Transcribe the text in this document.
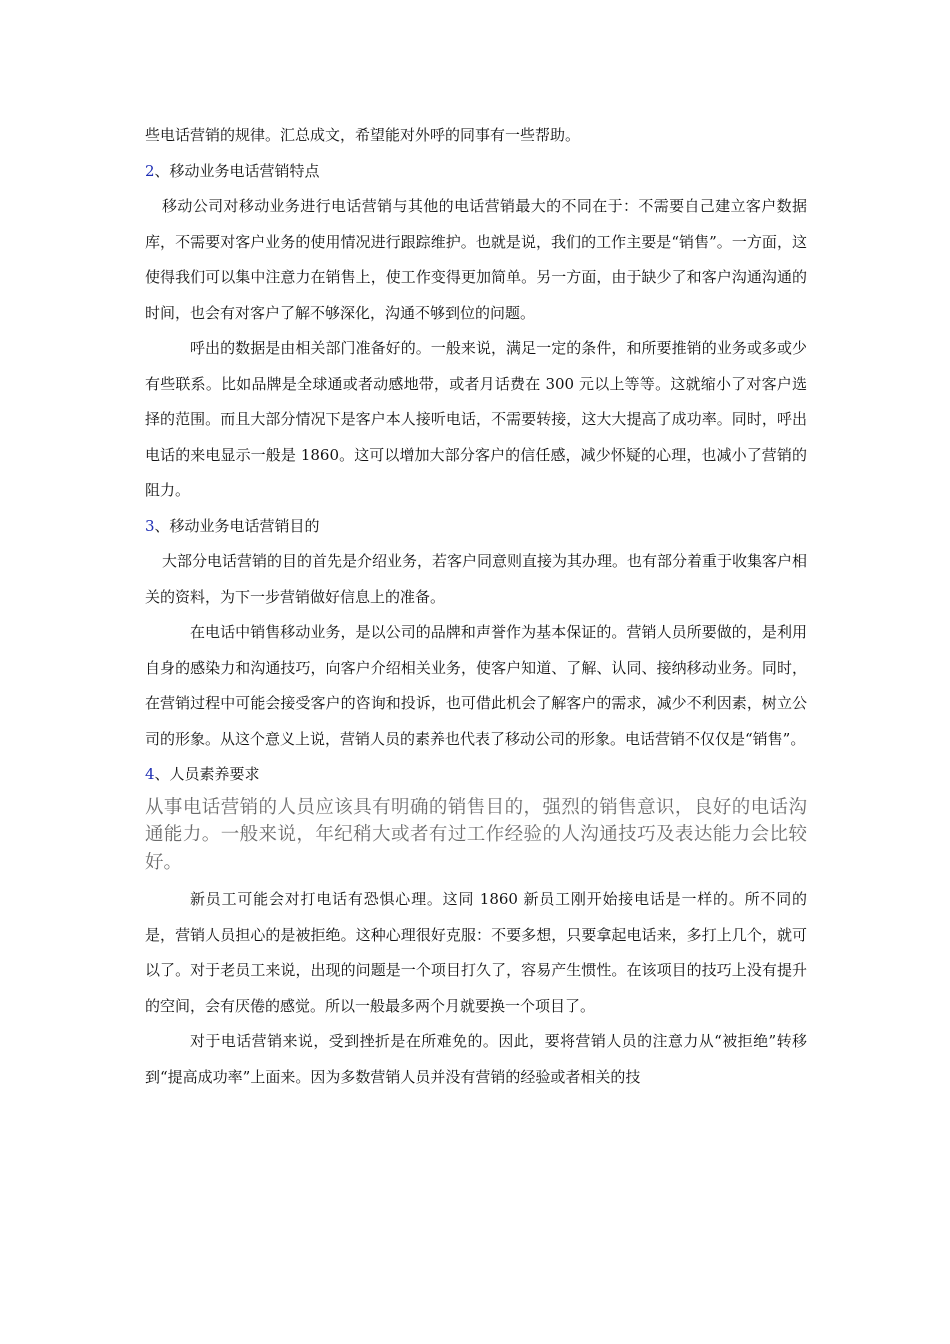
些电话营销的规律。汇总成文，希望能对外呼的同事有一些帮助。

2、移动业务电话营销特点

移动公司对移动业务进行电话营销与其他的电话营销最大的不同在于：不需要自己建立客户数据库，不需要对客户业务的使用情况进行跟踪维护。也就是说，我们的工作主要是“销售”。一方面，这使得我们可以集中注意力在销售上，使工作变得更加简单。另一方面，由于缺少了和客户沟通沟通的时间，也会有对客户了解不够深化，沟通不够到位的问题。

呼出的数据是由相关部门准备好的。一般来说，满足一定的条件，和所要推销的业务或多或少有些联系。比如品牌是全球通或者动感地带，或者月话费在 300 元以上等等。这就缩小了对客户选择的范围。而且大部分情况下是客户本人接听电话，不需要转接，这大大提高了成功率。同时，呼出电话的来电显示一般是 1860。这可以增加大部分客户的信任感，减少怀疑的心理，也减小了营销的阻力。

3、移动业务电话营销目的

大部分电话营销的目的首先是介绍业务，若客户同意则直接为其办理。也有部分着重于收集客户相关的资料，为下一步营销做好信息上的准备。

在电话中销售移动业务，是以公司的品牌和声誉作为基本保证的。营销人员所要做的，是利用自身的感染力和沟通技巧，向客户介绍相关业务，使客户知道、了解、认同、接纳移动业务。同时，在营销过程中可能会接受客户的咨询和投诉，也可借此机会了解客户的需求，减少不利因素，树立公司的形象。从这个意义上说，营销人员的素养也代表了移动公司的形象。电话营销不仅仅是“销售”。

4、人员素养要求

从事电话营销的人员应该具有明确的销售目的，强烈的销售意识，良好的电话沟通能力。一般来说，年纪稍大或者有过工作经验的人沟通技巧及表达能力会比较好。

新员工可能会对打电话有恐惧心理。这同 1860 新员工刚开始接电话是一样的。所不同的是，营销人员担心的是被拒绝。这种心理很好克服：不要多想，只要拿起电话来，多打上几个，就可以了。对于老员工来说，出现的问题是一个项目打久了，容易产生惯性。在该项目的技巧上没有提升的空间，会有厌倦的感觉。所以一般最多两个月就要换一个项目了。

对于电话营销来说，受到挫折是在所难免的。因此，要将营销人员的注意力从“被拒绝”转移到“提高成功率”上面来。因为多数营销人员并没有营销的经验或者相关的技
